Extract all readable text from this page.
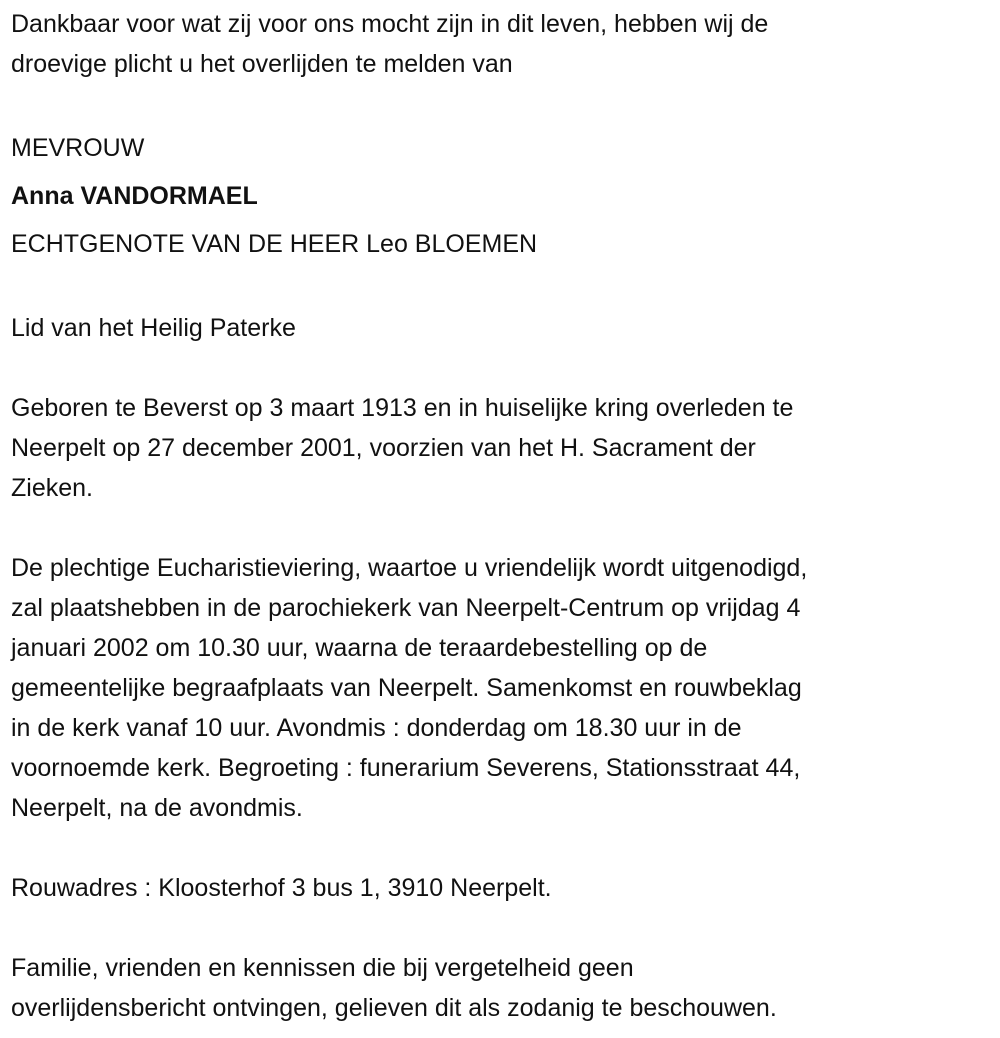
Dankbaar voor wat zij voor ons mocht zijn in dit leven, hebben wij de
droevige plicht u het overlijden te melden van
MEVROUW
Anna VANDORMAEL
ECHTGENOTE VAN DE HEER Leo BLOEMEN
Lid van het Heilig Paterke
Geboren te Beverst op 3 maart 1913 en in huiselijke kring overleden te
Neerpelt op 27 december 2001, voorzien van het H. Sacrament der
Zieken.
De plechtige Eucharistieviering, waartoe u vriendelijk wordt uitgenodigd,
zal plaatshebben in de parochiekerk van Neerpelt-Centrum op vrijdag 4
januari 2002 om 10.30 uur, waarna de teraardebestelling op de
gemeentelijke begraafplaats van Neerpelt. Samenkomst en rouwbeklag
in de kerk vanaf 10 uur. Avondmis : donderdag om 18.30 uur in de
voornoemde kerk. Begroeting : funerarium Severens, Stationsstraat 44,
Neerpelt, na de avondmis.
Rouwadres : Kloosterhof 3 bus 1, 3910 Neerpelt.
Familie, vrienden en kennissen die bij vergetelheid geen
overlijdensbericht ontvingen, gelieven dit als zodanig te beschouwen.
